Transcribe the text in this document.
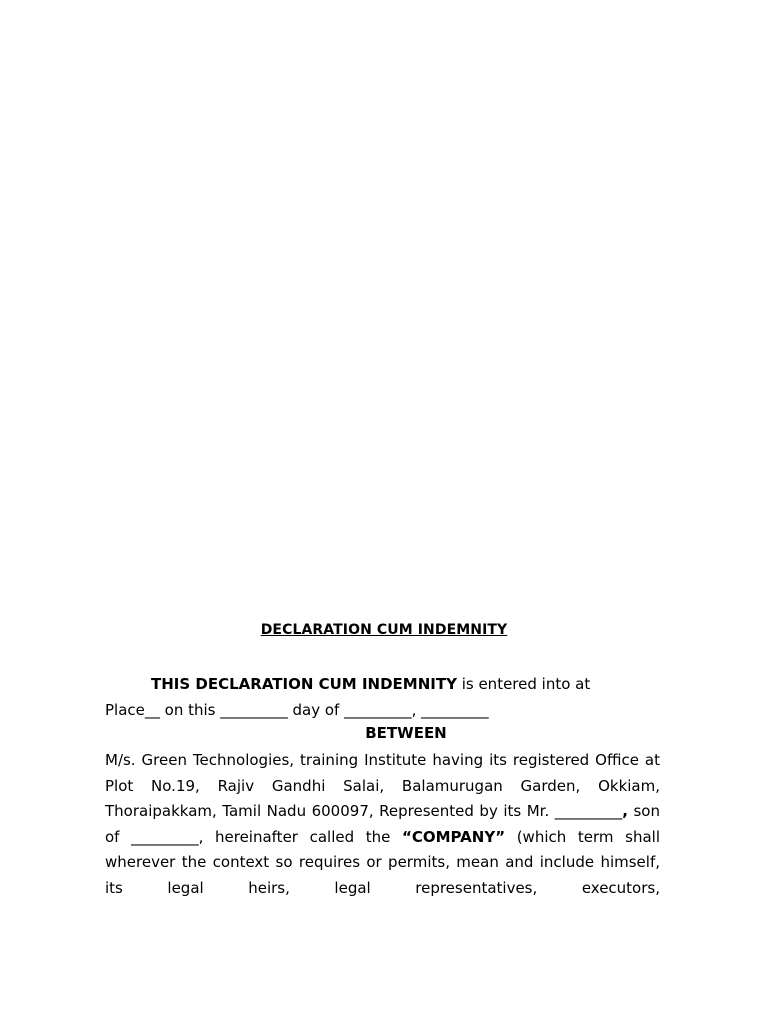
DECLARATION CUM INDEMNITY
THIS DECLARATION CUM INDEMNITY is entered into at
Place__ on this _________ day of _________, _________
BETWEEN
M/s. Green Technologies, training Institute having its registered Office at Plot No.19, Rajiv Gandhi Salai, Balamurugan Garden, Okkiam, Thoraipakkam, Tamil Nadu 600097, Represented by its Mr. _________, son of _________, hereinafter called the “COMPANY” (which term shall wherever the context so requires or permits, mean and include himself, its legal heirs, legal representatives, executors,
